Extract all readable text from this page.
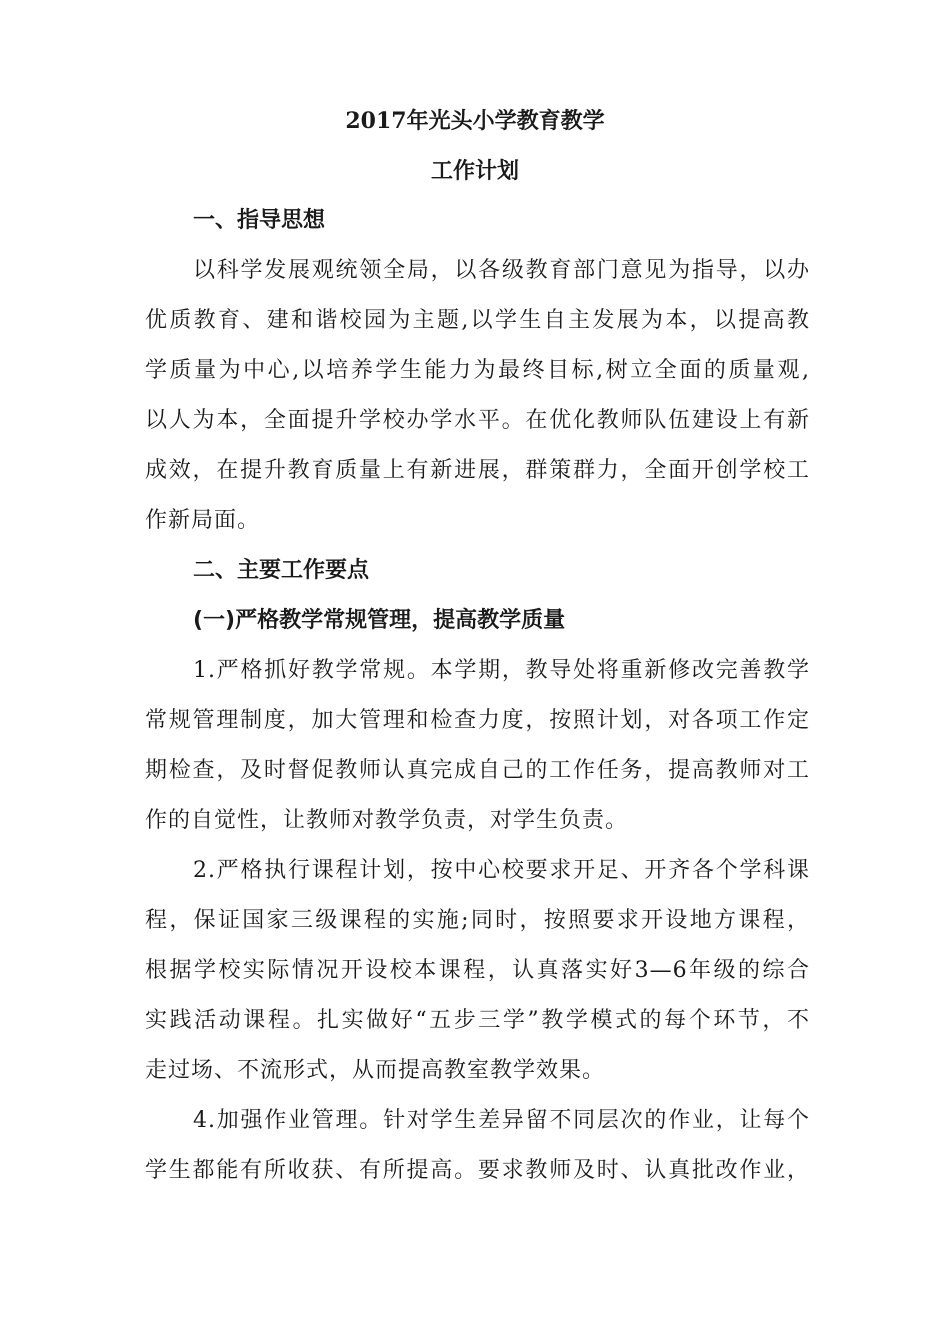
2017年光头小学教育教学
工作计划
一、指导思想
以科学发展观统领全局，以各级教育部门意见为指导，以办
优质教育、建和谐校园为主题,以学生自主发展为本，以提高教
学质量为中心,以培养学生能力为最终目标,树立全面的质量观,
以人为本，全面提升学校办学水平。在优化教师队伍建设上有新
成效，在提升教育质量上有新进展，群策群力，全面开创学校工
作新局面。
二、主要工作要点
(一)严格教学常规管理，提高教学质量
1.严格抓好教学常规。本学期，教导处将重新修改完善教学
常规管理制度，加大管理和检查力度，按照计划，对各项工作定
期检查，及时督促教师认真完成自己的工作任务，提高教师对工
作的自觉性，让教师对教学负责，对学生负责。
2.严格执行课程计划，按中心校要求开足、开齐各个学科课
程，保证国家三级课程的实施;同时，按照要求开设地方课程，
根据学校实际情况开设校本课程，认真落实好3—6年级的综合
实践活动课程。扎实做好“五步三学”教学模式的每个环节，不
走过场、不流形式，从而提高教室教学效果。
4.加强作业管理。针对学生差异留不同层次的作业，让每个
学生都能有所收获、有所提高。要求教师及时、认真批改作业，
